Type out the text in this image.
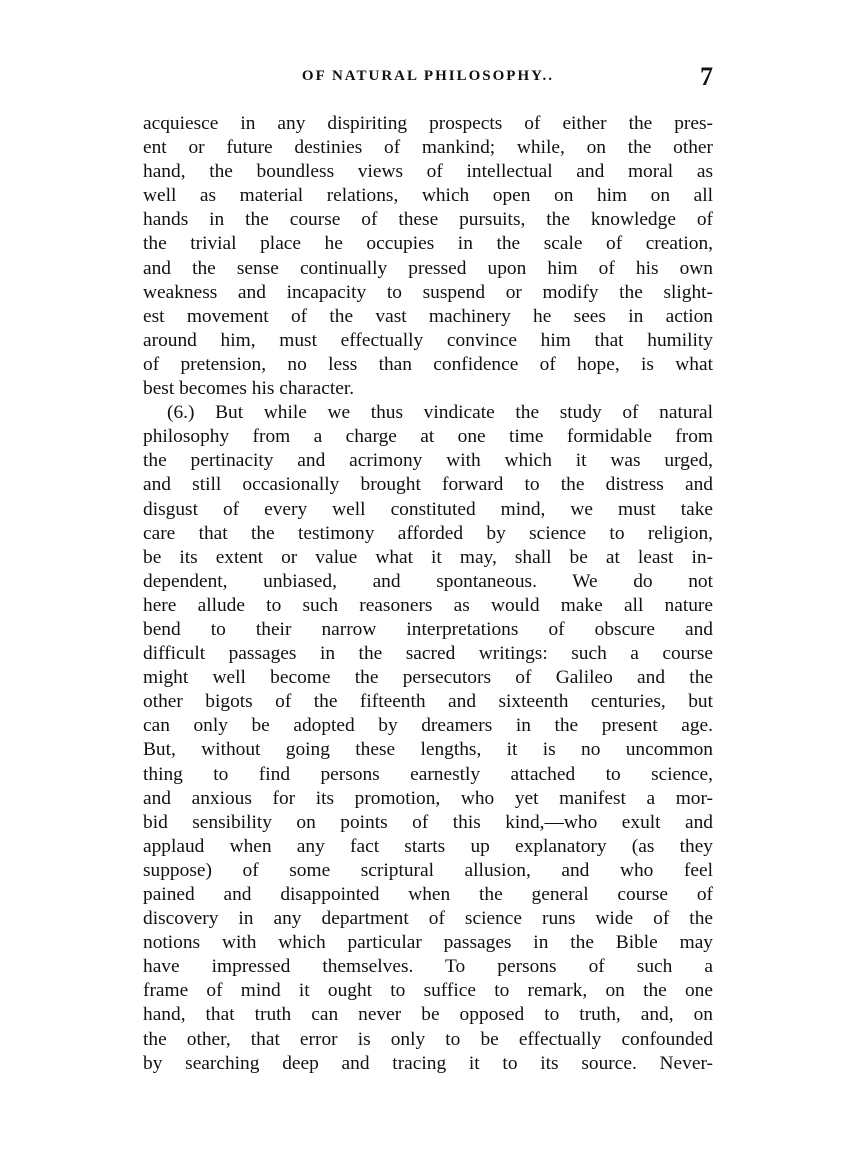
OF NATURAL PHILOSOPHY..	7
acquiesce in any dispiriting prospects of either the pres-
ent or future destinies of mankind; while, on the other
hand, the boundless views of intellectual and moral as
well as material relations, which open on him on all
hands in the course of these pursuits, the knowledge of
the trivial place he occupies in the scale of creation,
and the sense continually pressed upon him of his own
weakness and incapacity to suspend or modify the slight-
est movement of the vast machinery he sees in action
around him, must effectually convince him that humility
of pretension, no less than confidence of hope, is what
best becomes his character.
(6.) But while we thus vindicate the study of natural
philosophy from a charge at one time formidable from
the pertinacity and acrimony with which it was urged,
and still occasionally brought forward to the distress and
disgust of every well constituted mind, we must take
care that the testimony afforded by science to religion,
be its extent or value what it may, shall be at least in-
dependent, unbiased, and spontaneous. We do not
here allude to such reasoners as would make all nature
bend to their narrow interpretations of obscure and
difficult passages in the sacred writings: such a course
might well become the persecutors of Galileo and the
other bigots of the fifteenth and sixteenth centuries, but
can only be adopted by dreamers in the present age.
But, without going these lengths, it is no uncommon
thing to find persons earnestly attached to science,
and anxious for its promotion, who yet manifest a mor-
bid sensibility on points of this kind,—who exult and
applaud when any fact starts up explanatory (as they
suppose) of some scriptural allusion, and who feel
pained and disappointed when the general course of
discovery in any department of science runs wide of the
notions with which particular passages in the Bible may
have impressed themselves. To persons of such a
frame of mind it ought to suffice to remark, on the one
hand, that truth can never be opposed to truth, and, on
the other, that error is only to be effectually confounded
by searching deep and tracing it to its source. Never-
